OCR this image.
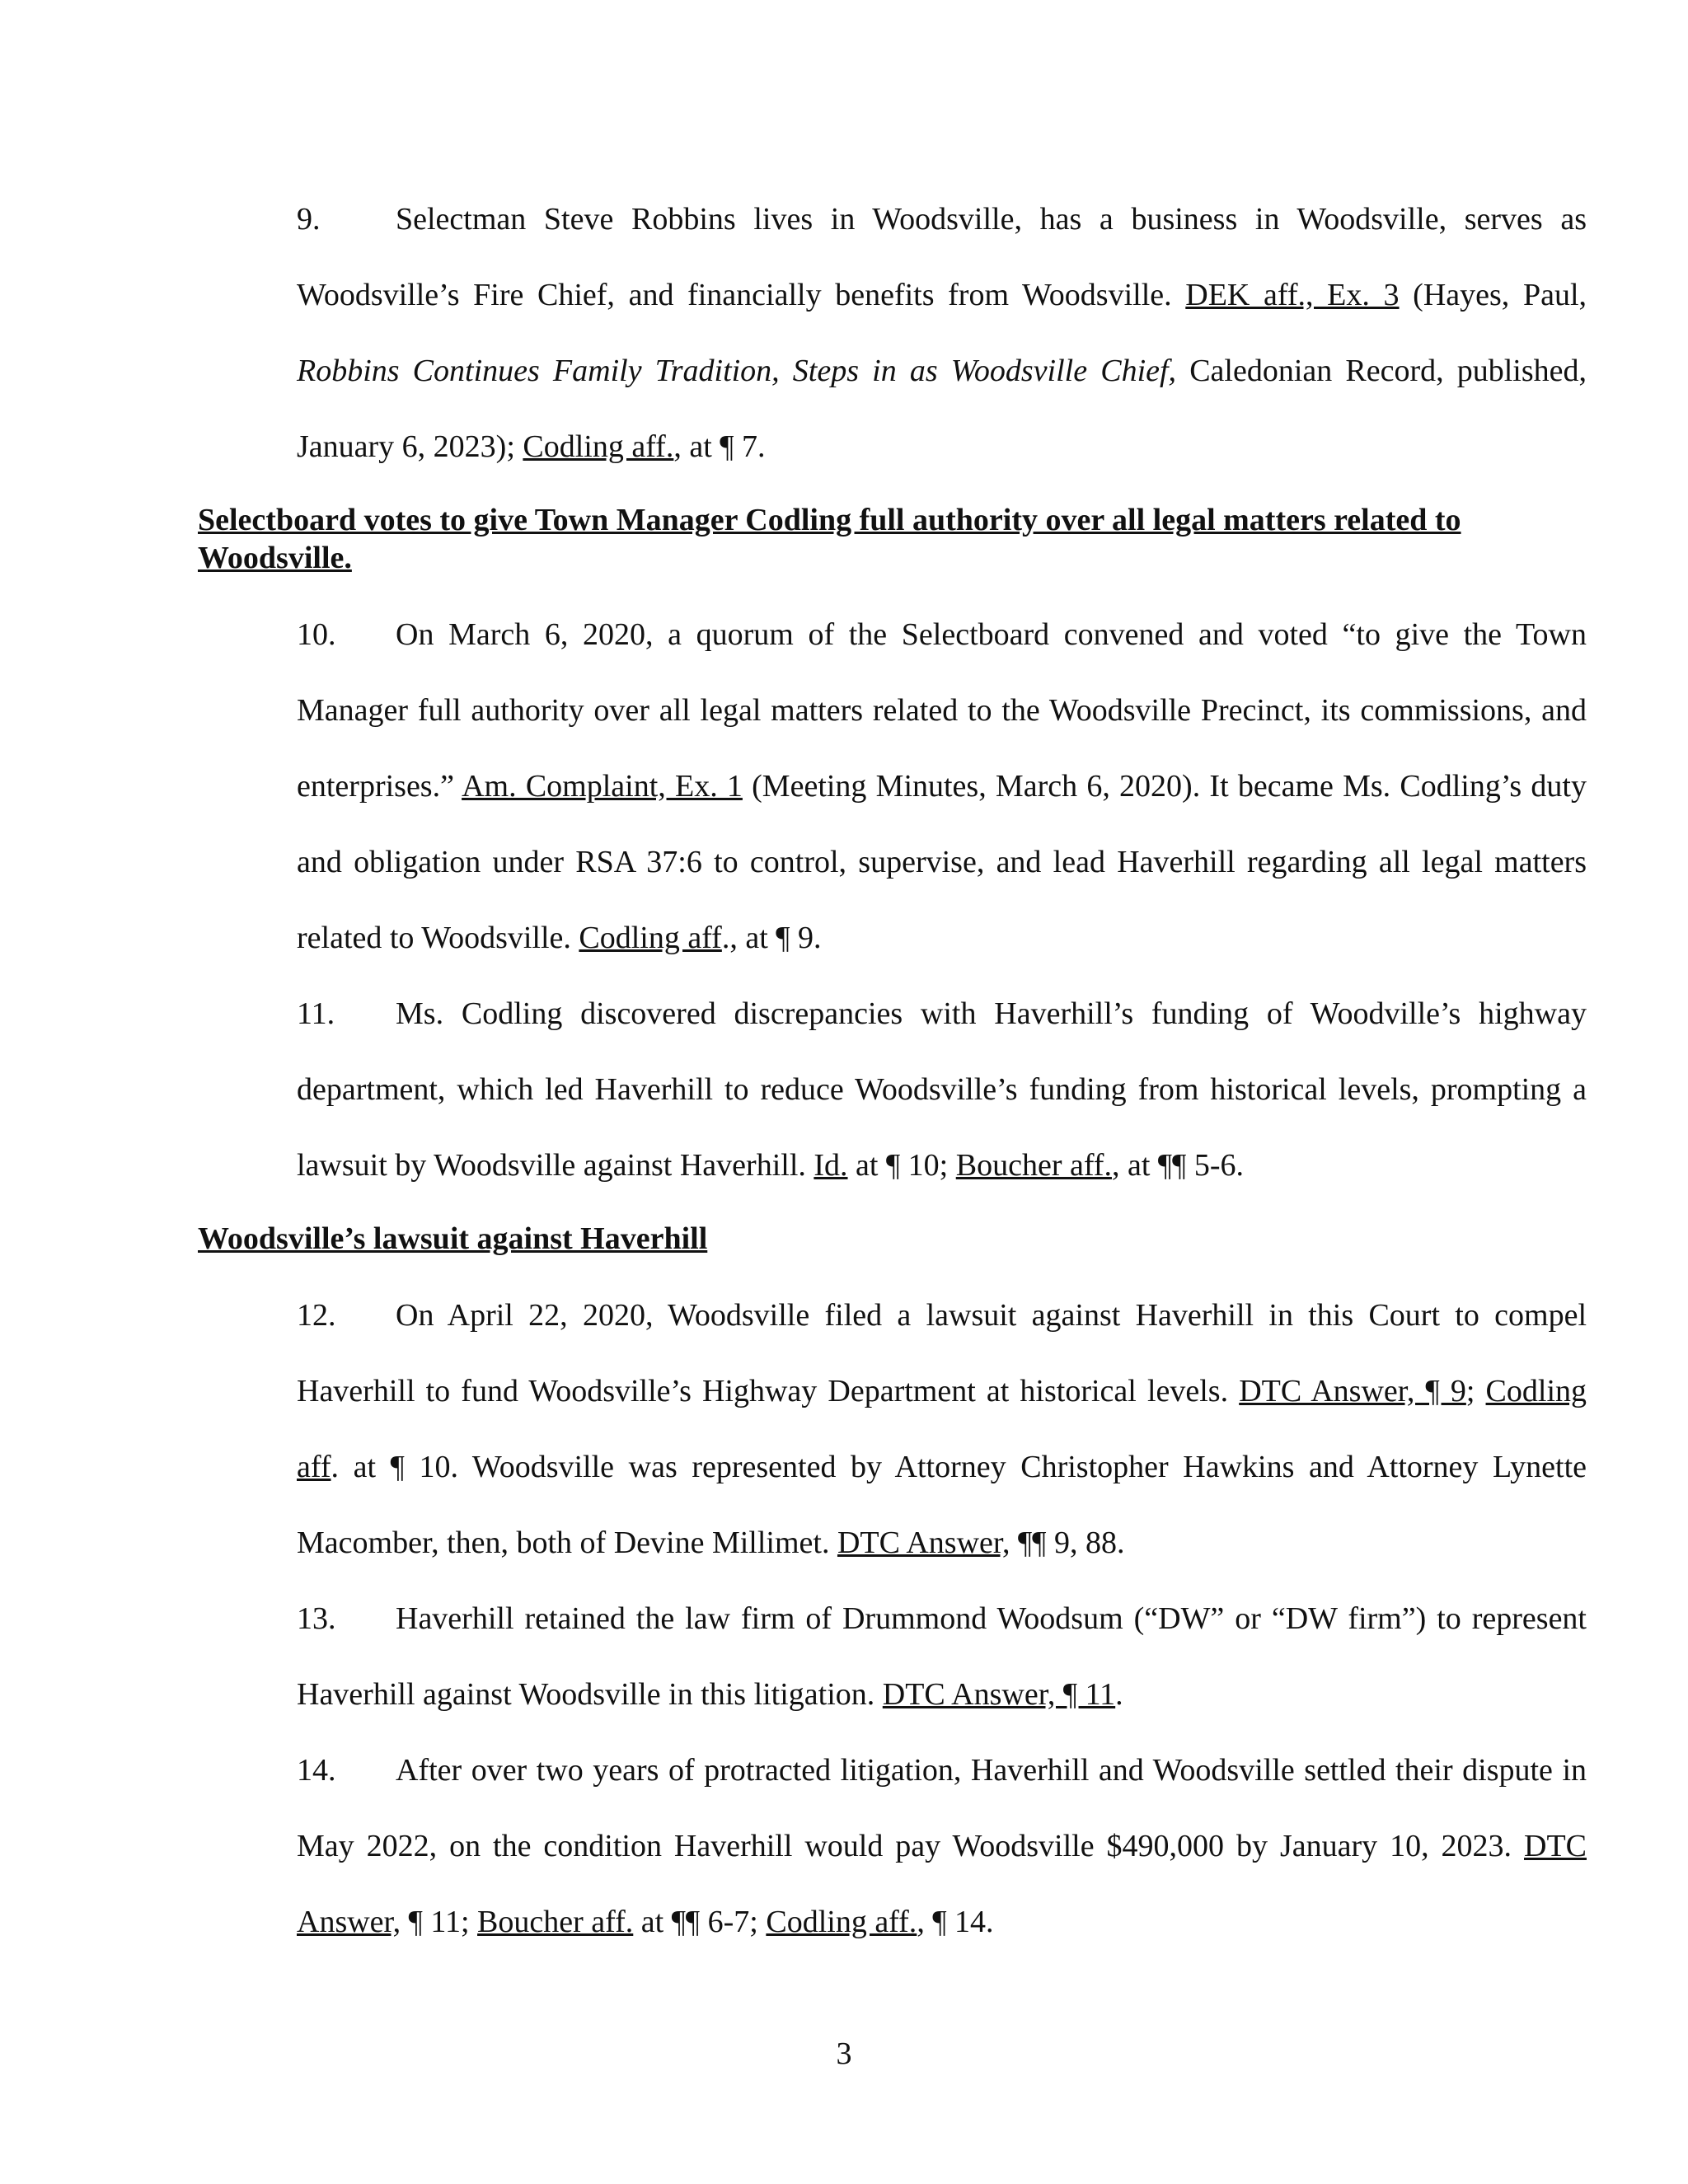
9. Selectman Steve Robbins lives in Woodsville, has a business in Woodsville, serves as Woodsville’s Fire Chief, and financially benefits from Woodsville. DEK aff., Ex. 3 (Hayes, Paul, Robbins Continues Family Tradition, Steps in as Woodsville Chief, Caledonian Record, published, January 6, 2023); Codling aff., at ¶ 7.

Selectboard votes to give Town Manager Codling full authority over all legal matters related to Woodsville.

10. On March 6, 2020, a quorum of the Selectboard convened and voted “to give the Town Manager full authority over all legal matters related to the Woodsville Precinct, its commissions, and enterprises.” Am. Complaint, Ex. 1 (Meeting Minutes, March 6, 2020). It became Ms. Codling’s duty and obligation under RSA 37:6 to control, supervise, and lead Haverhill regarding all legal matters related to Woodsville. Codling aff., at ¶ 9.

11. Ms. Codling discovered discrepancies with Haverhill’s funding of Woodville’s highway department, which led Haverhill to reduce Woodsville’s funding from historical levels, prompting a lawsuit by Woodsville against Haverhill. Id. at ¶ 10; Boucher aff., at ¶¶ 5-6.

Woodsville’s lawsuit against Haverhill

12. On April 22, 2020, Woodsville filed a lawsuit against Haverhill in this Court to compel Haverhill to fund Woodsville’s Highway Department at historical levels. DTC Answer, ¶ 9; Codling aff. at ¶ 10. Woodsville was represented by Attorney Christopher Hawkins and Attorney Lynette Macomber, then, both of Devine Millimet. DTC Answer, ¶¶ 9, 88.

13. Haverhill retained the law firm of Drummond Woodsum (“DW” or “DW firm”) to represent Haverhill against Woodsville in this litigation. DTC Answer, ¶ 11.

14. After over two years of protracted litigation, Haverhill and Woodsville settled their dispute in May 2022, on the condition Haverhill would pay Woodsville $490,000 by January 10, 2023. DTC Answer, ¶ 11; Boucher aff. at ¶¶ 6-7; Codling aff., ¶ 14.

3
